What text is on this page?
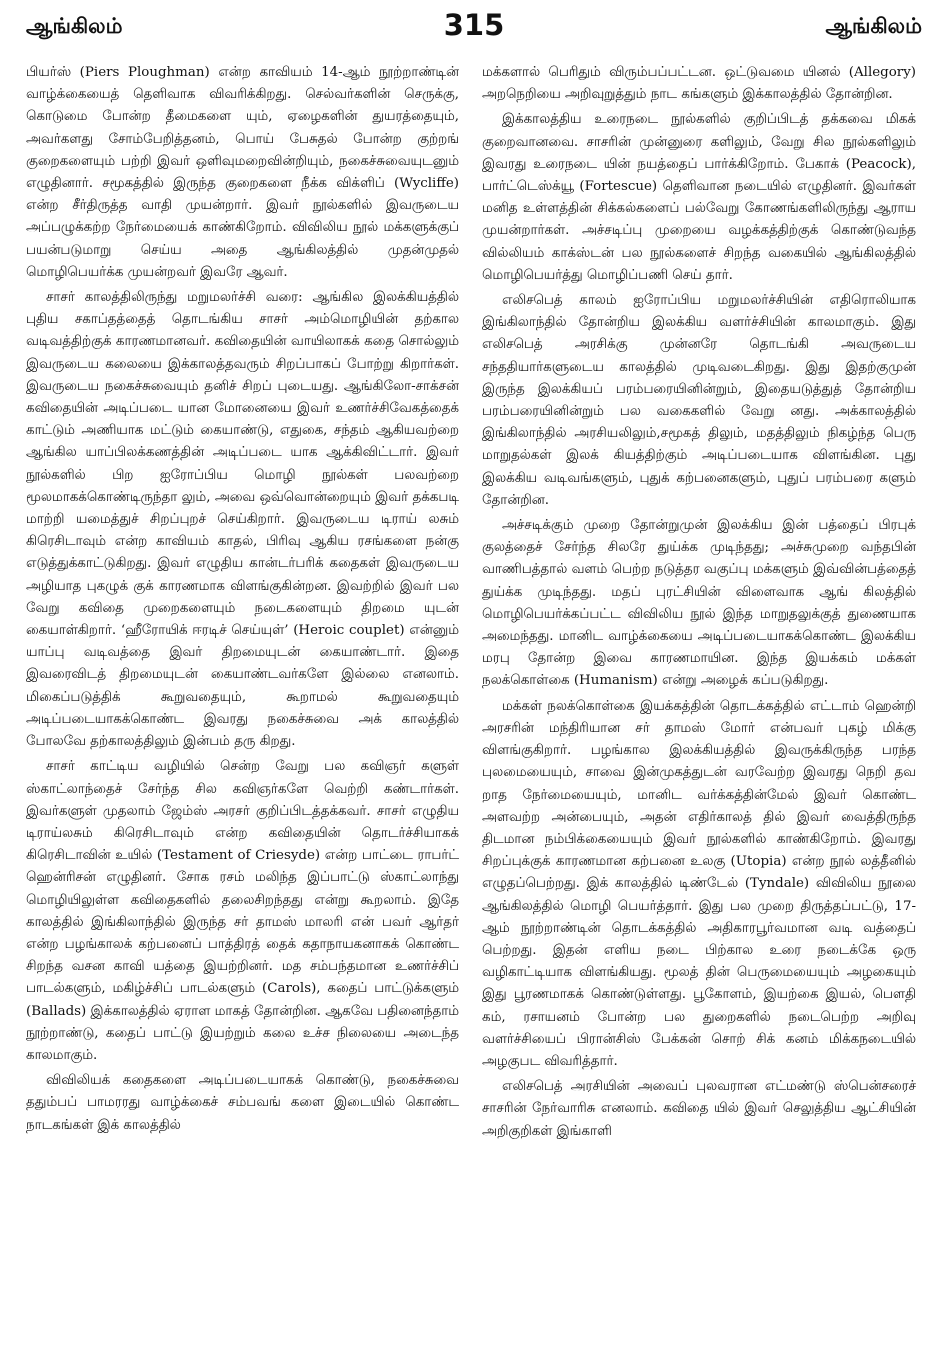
ஆங்கிலம்	315	ஆங்கிலம்

பியர்ஸ் (Piers Ploughman) என்ற காவியம் 14-ஆம் நூற்றாண்டின் வாழ்க்கையைத் தெளிவாக விவரிக்கிறது. செல்வர்களின் செருக்கு, கொடுமை போன்ற தீமைகளை யும், ஏழைகளின் துயரத்தையும், அவர்களது சோம்பேறித்தனம், பொய் பேசுதல் போன்ற குற்றங் குறைகளையும் பற்றி இவர் ஒளிவுமறைவின்றியும், நகைச்சுவையுடனும் எழுதினார். சமூகத்தில் இருந்த குறைகளை நீக்க விக்ளிப் (Wycliffe) என்ற சீர்திருத்த வாதி முயன்றார். இவர் நூல்களில் இவருடைய அப்பழுக்கற்ற நேர்மையைக் காண்கிறோம். விவிலிய நூல் மக்களுக்குப் பயன்படுமாறு செய்ய அதை ஆங்கிலத்தில் முதன்முதல் மொழிபெயர்க்க முயன்றவர் இவரே ஆவர்.

சாசர் காலத்திலிருந்து மறுமலர்ச்சி வரை: ஆங்கில இலக்கியத்தில் புதிய சகாப்தத்தைத் தொடங்கிய சாசர் அம்மொழியின் தற்கால வடிவத்திற்குக் காரணமானவர். கவிதையின் வாயிலாகக் கதை சொல்லும் இவருடைய கலையை இக்காலத்தவரும் சிறப்பாகப் போற்று கிறார்கள். இவருடைய நகைச்சுவையும் தனிச் சிறப் புடையது. ஆங்கிலோ-சாக்சன் கவிதையின் அடிப்படை யான மோனையை இவர் உணர்ச்சிவேகத்தைக் காட்டும் அணியாக மட்டும் கையாண்டு, எதுகை, சந்தம் ஆகியவற்றை ஆங்கில யாப்பிலக்கணத்தின் அடிப்படை யாக ஆக்கிவிட்டார். இவர் நூல்களில் பிற ஐரோப்பிய மொழி நூல்கள் பலவற்றை மூலமாகக்கொண்டிருந்தா லும், அவை ஒவ்வொன்றையும் இவர் தக்கபடி மாற்றி யமைத்துச் சிறப்புறச் செய்கிறார். இவருடைய டிராய் லசும் கிரெசிடாவும் என்ற காவியம் காதல், பிரிவு ஆகிய ரசங்களை நன்கு எடுத்துக்காட்டுகிறது. இவர் எழுதிய கான்டர்பரிக் கதைகள் இவருடைய அழியாத புகழுக் குக் காரணமாக விளங்குகின்றன. இவற்றில் இவர் பல வேறு கவிதை முறைகளையும் நடைகளையும் திறமை யுடன் கையாள்கிறார். ‘ஹீரோயிக் ஈரடிச் செய்யுள்’ (Heroic couplet) என்னும் யாப்பு வடிவத்தை இவர் திறமையுடன் கையாண்டார். இதை இவரைவிடத் திறமையுடன் கையாண்டவர்களே இல்லை எனலாம். மிகைப்படுத்திக் கூறுவதையும், கூறாமல் கூறுவதையும் அடிப்படையாகக்கொண்ட இவரது நகைச்சுவை அக் காலத்தில் போலவே தற்காலத்திலும் இன்பம் தரு கிறது.

சாசர் காட்டிய வழியில் சென்ற வேறு பல கவிஞர் களுள் ஸ்காட்லாந்தைச் சேர்ந்த சில கவிஞர்களே வெற்றி கண்டார்கள். இவர்களுள் முதலாம் ஜேம்ஸ் அரசர் குறிப்பிடத்தக்கவர். சாசர் எழுதிய டிராய்லசும் கிரெசிடாவும் என்ற கவிதையின் தொடர்ச்சியாகக் கிரெசிடாவின் உயில் (Testament of Criesyde) என்ற பாட்டை ராபர்ட் ஹென்ரிசன் எழுதினர். சோக ரசம் மலிந்த இப்பாட்டு ஸ்காட்லாந்து மொழியிலுள்ள கவிதைகளில் தலைசிறந்தது என்று கூறலாம். இதே காலத்தில் இங்கிலாந்தில் இருந்த சர் தாமஸ் மாலரி என் பவர் ஆர்தர் என்ற பழங்காலக் கற்பனைப் பாத்திரத் தைக் கதாநாயகனாகக் கொண்ட சிறந்த வசன காவி யத்தை இயற்றினர். மத சம்பந்தமான உணர்ச்சிப் பாடல்களும், மகிழ்ச்சிப் பாடல்களும் (Carols), கதைப் பாட்டுக்களும் (Ballads) இக்காலத்தில் ஏராள மாகத் தோன்றின. ஆகவே பதினைந்தாம் நூற்றாண்டு, கதைப் பாட்டு இயற்றும் கலை உச்ச நிலையை அடைந்த காலமாகும்.

விவிலியக் கதைகளை அடிப்படையாகக் கொண்டு, நகைச்சுவை ததும்பப் பாமரரது வாழ்க்கைச் சம்பவங் களை இடையில் கொண்ட நாடகங்கள் இக் காலத்தில்

மக்களால் பெரிதும் விரும்பப்பட்டன. ஒட்டுவமை யினல் (Allegory) அறநெறியை அறிவுறுத்தும் நாட கங்களும் இக்காலத்தில் தோன்றின.

இக்காலத்திய உரைநடை நூல்களில் குறிப்பிடத் தக்கவை மிகக் குறைவானவை. சாசரின் முன்னுரை களிலும், வேறு சில நூல்களிலும் இவரது உரைநடை யின் நயத்தைப் பார்க்கிறோம். பேகாக் (Peacock), பார்ட்டெஸ்க்யூ (Fortescue) தெளிவான நடையில் எழுதினர். இவர்கள் மனித உள்ளத்தின் சிக்கல்களைப் பல்வேறு கோணங்களிலிருந்து ஆராய முயன்றார்கள். அச்சடிப்பு முறையை வழக்கத்திற்குக் கொண்டுவந்த வில்லியம் காக்ஸ்டன் பல நூல்களைச் சிறந்த வகையில் ஆங்கிலத்தில் மொழிபெயர்த்து மொழிப்பணி செய் தார்.

எலிசபெத் காலம் ஐரோப்பிய மறுமலர்ச்சியின் எதிரொலியாக இங்கிலாந்தில் தோன்றிய இலக்கிய வளர்ச்சியின் காலமாகும். இது எலிசபெத் அரசிக்கு முன்னரே தொடங்கி அவருடைய சந்ததியார்களுடைய காலத்தில் முடிவடைகிறது. இது இதற்குமுன் இருந்த இலக்கியப் பரம்பரையினின்றும், இதையடுத்துத் தோன்றிய பரம்பரையினின்றும் பல வகைகளில் வேறு னது. அக்காலத்தில் இங்கிலாந்தில் அரசியலிலும்,சமூகத் திலும், மதத்திலும் நிகழ்ந்த பெரு மாறுதல்கள் இலக் கியத்திற்கும் அடிப்படையாக விளங்கின. புது இலக்கிய வடிவங்களும், புதுக் கற்பனைகளும், புதுப் பரம்பரை களும் தோன்றின.

அச்சடிக்கும் முறை தோன்றுமுன் இலக்கிய இன் பத்தைப் பிரபுக் குலத்தைச் சேர்ந்த சிலரே துய்க்க முடிந்தது; அச்சுமுறை வந்தபின் வாணிபத்தால் வளம் பெற்ற நடுத்தர வகுப்பு மக்களும் இவ்வின்பத்தைத் துய்க்க முடிந்தது. மதப் புரட்சியின் விளைவாக ஆங் கிலத்தில் மொழிபெயர்க்கப்பட்ட விவிலிய நூல் இந்த மாறுதலுக்குத் துணையாக அமைந்தது. மானிட வாழ்க்கையை அடிப்படையாகக்கொண்ட இலக்கிய மரபு தோன்ற இவை காரணமாயின. இந்த இயக்கம் மக்கள் நலக்கொள்கை (Humanism) என்று அழைக் கப்படுகிறது.

மக்கள் நலக்கொள்கை இயக்கத்தின் தொடக்கத்தில் எட்டாம் ஹென்றி அரசரின் மந்திரியான சர் தாமஸ் மோர் என்பவர் புகழ் மிக்கு விளங்குகிறார். பழங்கால இலக்கியத்தில் இவருக்கிருந்த பரந்த புலமையையும், சாவை இன்முகத்துடன் வரவேற்ற இவரது நெறி தவ றாத நேர்மையையும், மானிட வர்க்கத்தின்மேல் இவர் கொண்ட அளவற்ற அன்பையும், அதன் எதிர்காலத் தில் இவர் வைத்திருந்த திடமான நம்பிக்கையையும் இவர் நூல்களில் காண்கிறோம். இவரது சிறப்புக்குக் காரணமான கற்பனை உலகு (Utopia) என்ற நூல் லத்தீனில் எழுதப்பெற்றது. இக் காலத்தில் டிண்டேல் (Tyndale) விவிலிய நூலை ஆங்கிலத்தில் மொழி பெயர்த்தார். இது பல முறை திருத்தப்பட்டு, 17-ஆம் நூற்றாண்டின் தொடக்கத்தில் அதிகாரபூர்வமான வடி வத்தைப் பெற்றது. இதன் எளிய நடை பிற்கால உரை நடைக்கே ஒரு வழிகாட்டியாக விளங்கியது. மூலத் தின் பெருமையையும் அழகையும் இது பூரணமாகக் கொண்டுள்ளது. பூகோளம், இயற்கை இயல், பௌதி கம், ரசாயனம் போன்ற பல துறைகளில் நடைபெற்ற அறிவு வளர்ச்சியைப் பிரான்சிஸ் பேக்கன் சொற் சிக் கனம் மிக்கநடையில் அழகுபட விவரித்தார்.

எலிசபெத் அரசியின் அவைப் புலவரான எட்மண்டு ஸ்பென்சரைச் சாசரின் நேர்வாரிசு எனலாம். கவிதை யில் இவர் செலுத்திய ஆட்சியின் அறிகுறிகள் இங்காளி
